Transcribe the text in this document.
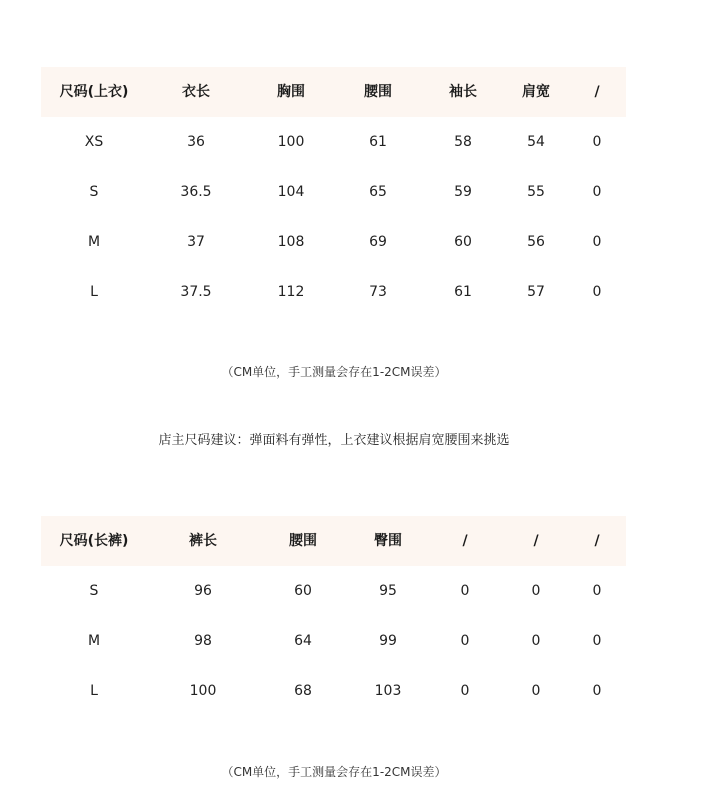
尺码(上衣)	衣长	胸围	腰围	袖长	肩宽	/
XS	36	100	61	58	54	0
S	36.5	104	65	59	55	0
M	37	108	69	60	56	0
L	37.5	112	73	61	57	0
（CM单位，手工测量会存在1-2CM误差）
店主尺码建议：弹面料有弹性，上衣建议根据肩宽腰围来挑选
尺码(长裤)	裤长	腰围	臀围	/	/	/
S	96	60	95	0	0	0
M	98	64	99	0	0	0
L	100	68	103	0	0	0
（CM单位，手工测量会存在1-2CM误差）
